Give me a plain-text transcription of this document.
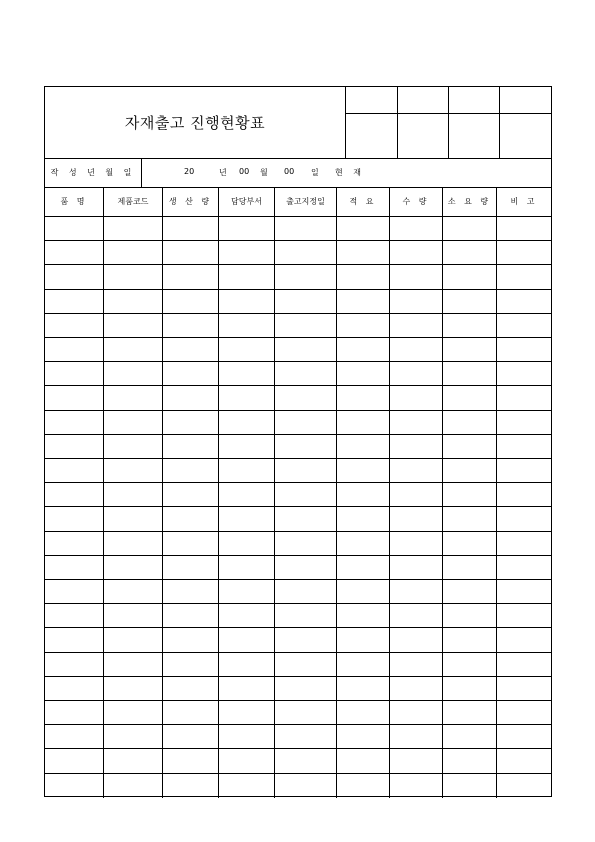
자재출고 진행현황표
작 성 년 월 일	20	년 00 월 00 일 현 재
품 명	제품코드	생 산 량	담당부서	출고지정일	적 요	수 량	소 요 량	비 고
